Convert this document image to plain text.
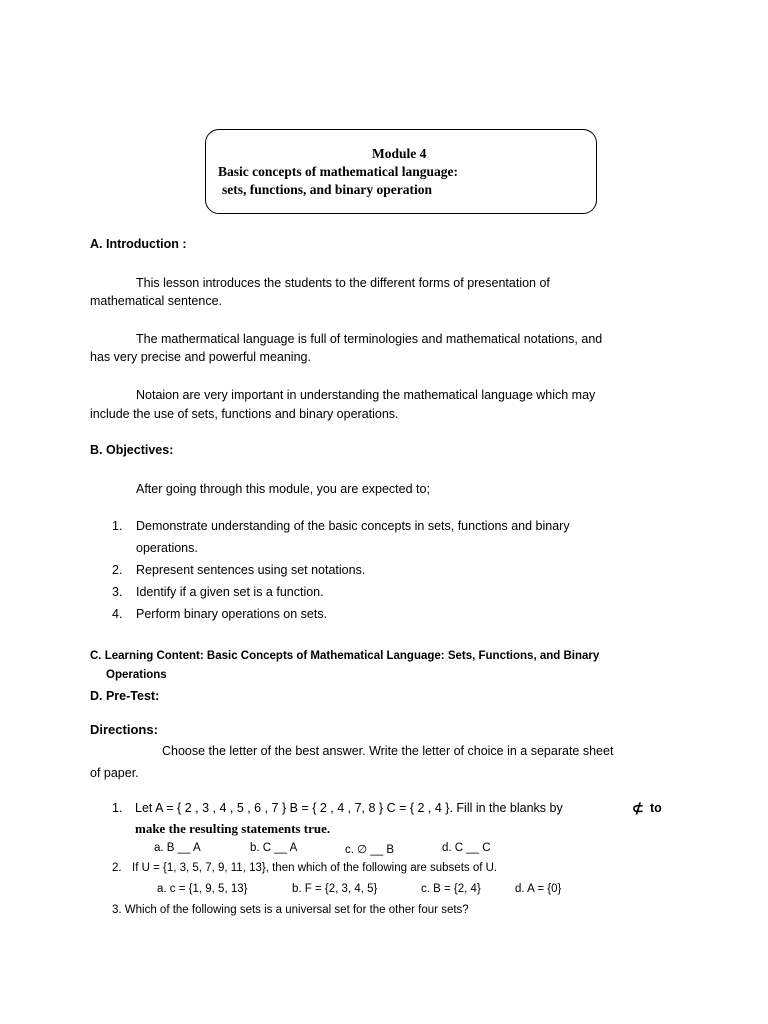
Module 4
Basic concepts of mathematical language:
sets, functions, and binary operation
A. Introduction :
This lesson introduces the students to the different forms of presentation of
mathematical sentence.
The mathermatical language is full of terminologies and mathematical notations, and
has very precise and powerful meaning.
Notaion are very important in understanding the mathematical language which may
include the use of sets, functions and binary operations.
B. Objectives:
After going through this module, you are expected to;
1. Demonstrate understanding of the basic concepts in sets, functions and binary
operations.
2. Represent sentences using set notations.
3. Identify if a given set is a function.
4. Perform binary operations on sets.
C. Learning Content: Basic Concepts of Mathematical Language: Sets, Functions, and Binary
Operations
D. Pre-Test:
Directions:
Choose the letter of the best answer. Write the letter of choice in a separate sheet
of paper.
1. Let A = { 2 , 3 , 4 , 5 , 6 , 7 } B = { 2 , 4 , 7, 8 } C = { 2 , 4 }. Fill in the blanks by	⊄ to
make the resulting statements true.
a. B __ A	b. C __ A	c. ∅ __ B	d. C __ C
2. If U = {1, 3, 5, 7, 9, 11, 13}, then which of the following are subsets of U.
a. c = {1, 9, 5, 13}	b. F = {2, 3, 4, 5}	c. B = {2, 4}	d. A = {0}
3. Which of the following sets is a universal set for the other four sets?
